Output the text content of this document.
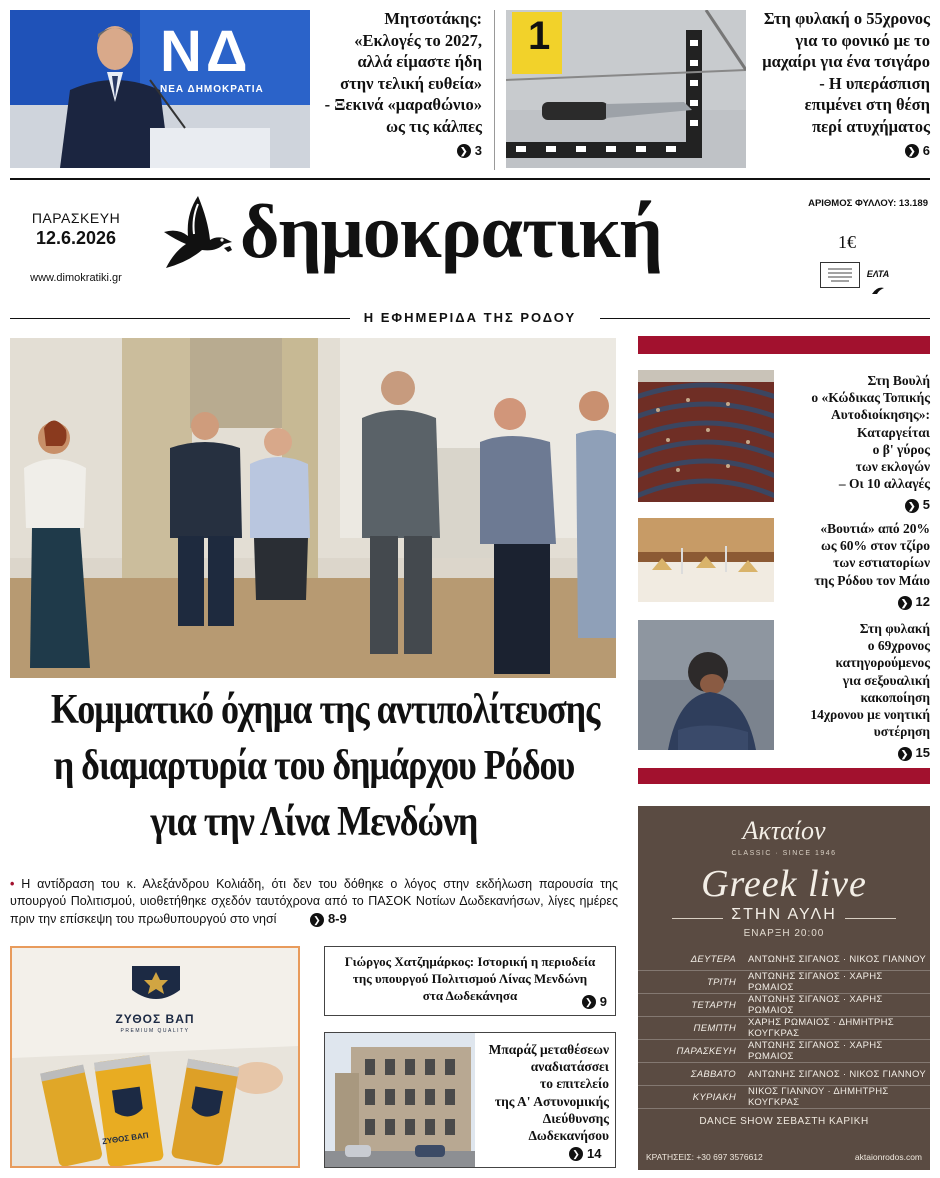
ΝΔ
ΝΕΑ ΔΗΜΟΚΡΑΤΙΑ
Μητσοτάκης:
«Εκλογές το 2027,
αλλά είμαστε ήδη
στην τελική ευθεία»
- Ξεκινά «μαραθώνιο»
ως τις κάλπες
❯ 3
1	Στη φυλακή ο 55χρονος
για το φονικό με το
μαχαίρι για ένα τσιγάρο
- Η υπεράσπιση
επιμένει στη θέση
περί ατυχήματος
❯ 6
ΠΑΡΑΣΚΕΥΗ
12.6.2026
www.dimokratiki.gr
δημοκρατική	ΑΡΙΘΜΟΣ ΦΥΛΛΟΥ: 13.189
1€
ΕΛΤΑ
Η ΕΦΗΜΕΡΙΔΑ ΤΗΣ ΡΟΔΟΥ
Κομματικό όχημα της αντιπολίτευσης
η διαμαρτυρία του δημάρχου Ρόδου
για την Λίνα Μενδώνη
• Η αντίδραση του κ. Αλεξάνδρου Κολιάδη, ότι δεν του δόθηκε ο λόγος στην εκδήλωση παρουσία της υπουργού Πολιτισμού, υιοθετήθηκε σχεδόν ταυτόχρονα από το ΠΑΣΟΚ Νοτίων Δωδεκανήσων, λίγες ημέρες πριν την επίσκεψη του πρωθυπουργού στο νησί	❯ 8-9
Στη Βουλή
ο «Κώδικας Τοπικής
Αυτοδιοίκησης»:
Καταργείται
ο β' γύρος
των εκλογών
– Οι 10 αλλαγές
❯ 5
«Βουτιά» από 20%
ως 60% στον τζίρο
των εστιατορίων
της Ρόδου τον Μάιο
❯ 12
Στη φυλακή
ο 69χρονος
κατηγορούμενος
για σεξουαλική
κακοποίηση
14χρονου με νοητική
υστέρηση
❯ 15
ΖΥΘΟΣ ΒΑΠ
PREMIUM QUALITY
ΖΥΘΟΣ ΒΑΠ
Γιώργος Χατζημάρκος: Ιστορική η περιοδεία
της υπουργού Πολιτισμού Λίνας Μενδώνη
στα Δωδεκάνησα	❯ 9
Μπαράζ μεταθέσεων
αναδιατάσσει
το επιτελείο
της Α' Αστυνομικής
Διεύθυνσης
Δωδεκανήσου
❯ 14
Ακταίον
CLASSIC · SINCE 1946
Greek live
ΣΤΗΝ ΑΥΛΗ
ΕΝΑΡΞΗ 20:00
ΔΕΥΤΕΡΑ	ΑΝΤΩΝΗΣ ΣΙΓΑΝΟΣ · ΝΙΚΟΣ ΓΙΑΝΝΟΥ
ΤΡΙΤΗ	ΑΝΤΩΝΗΣ ΣΙΓΑΝΟΣ · ΧΑΡΗΣ ΡΩΜΑΙΟΣ
ΤΕΤΑΡΤΗ	ΑΝΤΩΝΗΣ ΣΙΓΑΝΟΣ · ΧΑΡΗΣ ΡΩΜΑΙΟΣ
ΠΕΜΠΤΗ	ΧΑΡΗΣ ΡΩΜΑΙΟΣ · ΔΗΜΗΤΡΗΣ ΚΟΥΓΚΡΑΣ
ΠΑΡΑΣΚΕΥΗ	ΑΝΤΩΝΗΣ ΣΙΓΑΝΟΣ · ΧΑΡΗΣ ΡΩΜΑΙΟΣ
ΣΑΒΒΑΤΟ	ΑΝΤΩΝΗΣ ΣΙΓΑΝΟΣ · ΝΙΚΟΣ ΓΙΑΝΝΟΥ
ΚΥΡΙΑΚΗ	ΝΙΚΟΣ ΓΙΑΝΝΟΥ · ΔΗΜΗΤΡΗΣ ΚΟΥΓΚΡΑΣ
DANCE SHOW ΣΕΒΑΣΤΗ ΚΑΡΙΚΗ
ΚΡΑΤΗΣΕΙΣ: +30 697 3576612	aktaionrodos.com
